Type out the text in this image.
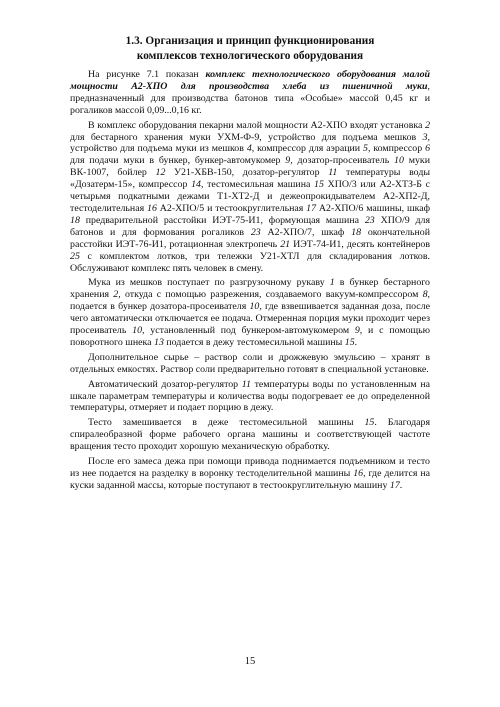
1.3. Организация и принцип функционирования
комплексов технологического оборудования

На рисунке 7.1 показан комплекс технологического оборудования малой мощности А2-ХПО для производства хлеба из пшеничной муки, предназначенный для производства батонов типа «Особые» массой 0,45 кг и рогаликов массой 0,09...0,16 кг.

В комплекс оборудования пекарни малой мощности А2-ХПО входят установка 2 для бестарного хранения муки УХМ-Ф-9, устройство для подъема мешков 3, устройство для подъема муки из мешков 4, компрессор для аэрации 5, компрессор 6 для подачи муки в бункер, бункер-автомукомер 9, дозатор-просеиватель 10 муки ВК-1007, бойлер 12 У21-ХБВ-150, дозатор-регулятор 11 температуры воды «Дозатерм-15», компрессор 14, тестомесильная машина 15 ХПО/3 или А2-ХТЗ-Б с четырьмя подкатными дежами Т1-ХТ2-Д и дежеопрокидывателем А2-ХП2-Д, тестоделительная 16 А2-ХПО/5 и тестоокруглительная 17 А2-ХПО/6 машины, шкаф 18 предварительной расстойки ИЭТ-75-И1, формующая машина 23 ХПО/9 для батонов и для формования рогаликов 23 А2-ХПО/7, шкаф 18 окончательной расстойки ИЭТ-76-И1, ротационная электропечь 21 ИЭТ-74-И1, десять контейнеров 25 с комплектом лотков, три тележки У21-ХТЛ для складирования лотков. Обслуживают комплекс пять человек в смену.

Мука из мешков поступает по разгрузочному рукаву 1 в бункер бестарного хранения 2, откуда с помощью разрежения, создаваемого вакуум-компрессором 8, подается в бункер дозатора-просеивателя 10, где взвешивается заданная доза, после чего автоматически отключается ее подача. Отмеренная порция муки проходит через просеиватель 10, установленный под бункером-автомукомером 9, и с помощью поворотного шнека 13 подается в дежу тестомесильной машины 15.

Дополнительное сырье – раствор соли и дрожжевую эмульсию – хранят в отдельных емкостях. Раствор соли предварительно готовят в специальной установке.

Автоматический дозатор-регулятор 11 температуры воды по установленным на шкале параметрам температуры и количества воды подогревает ее до определенной температуры, отмеряет и подает порцию в дежу.

Тесто замешивается в деже тестомесильной машины 15. Благодаря спиралеобразной форме рабочего органа машины и соответствующей частоте вращения тесто проходит хорошую механическую обработку.

После его замеса дежа при помощи привода поднимается подъемником и тесто из нее подается на разделку в воронку тестоделительной машины 16, где делится на куски заданной массы, которые поступают в тестоокруглительную машину 17.

15
